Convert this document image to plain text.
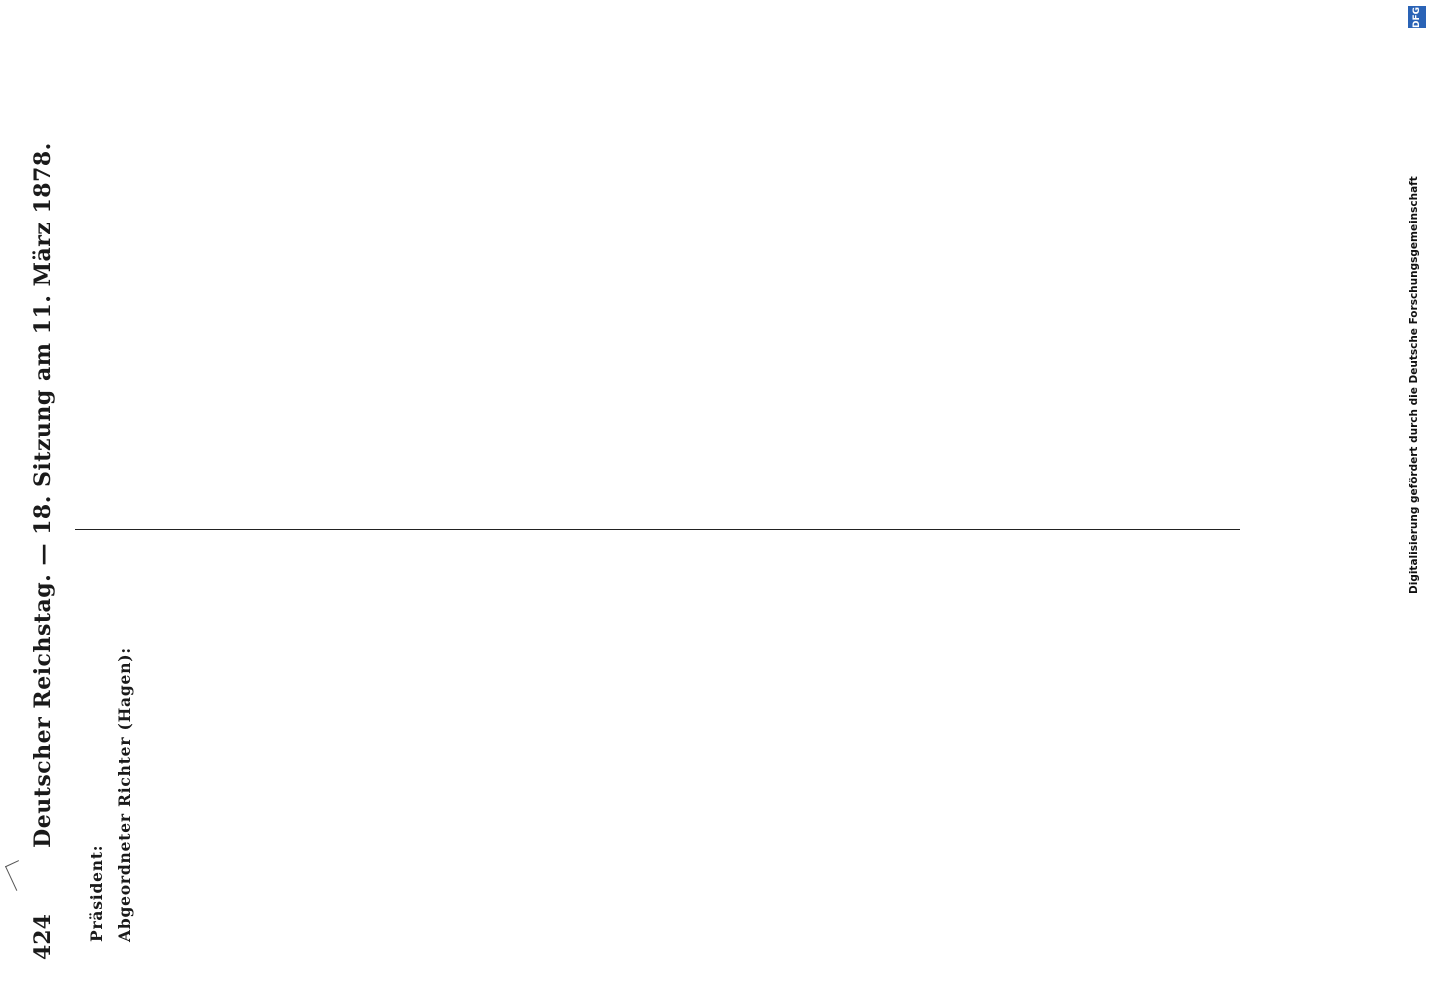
424
Deutscher Reichstag. — 18. Sitzung am 11. März 1878.

Präsident: Abgeordneter Richter (Hagen):

DFG
Digitalisierung gefördert durch die Deutsche Forschungsgemeinschaft
